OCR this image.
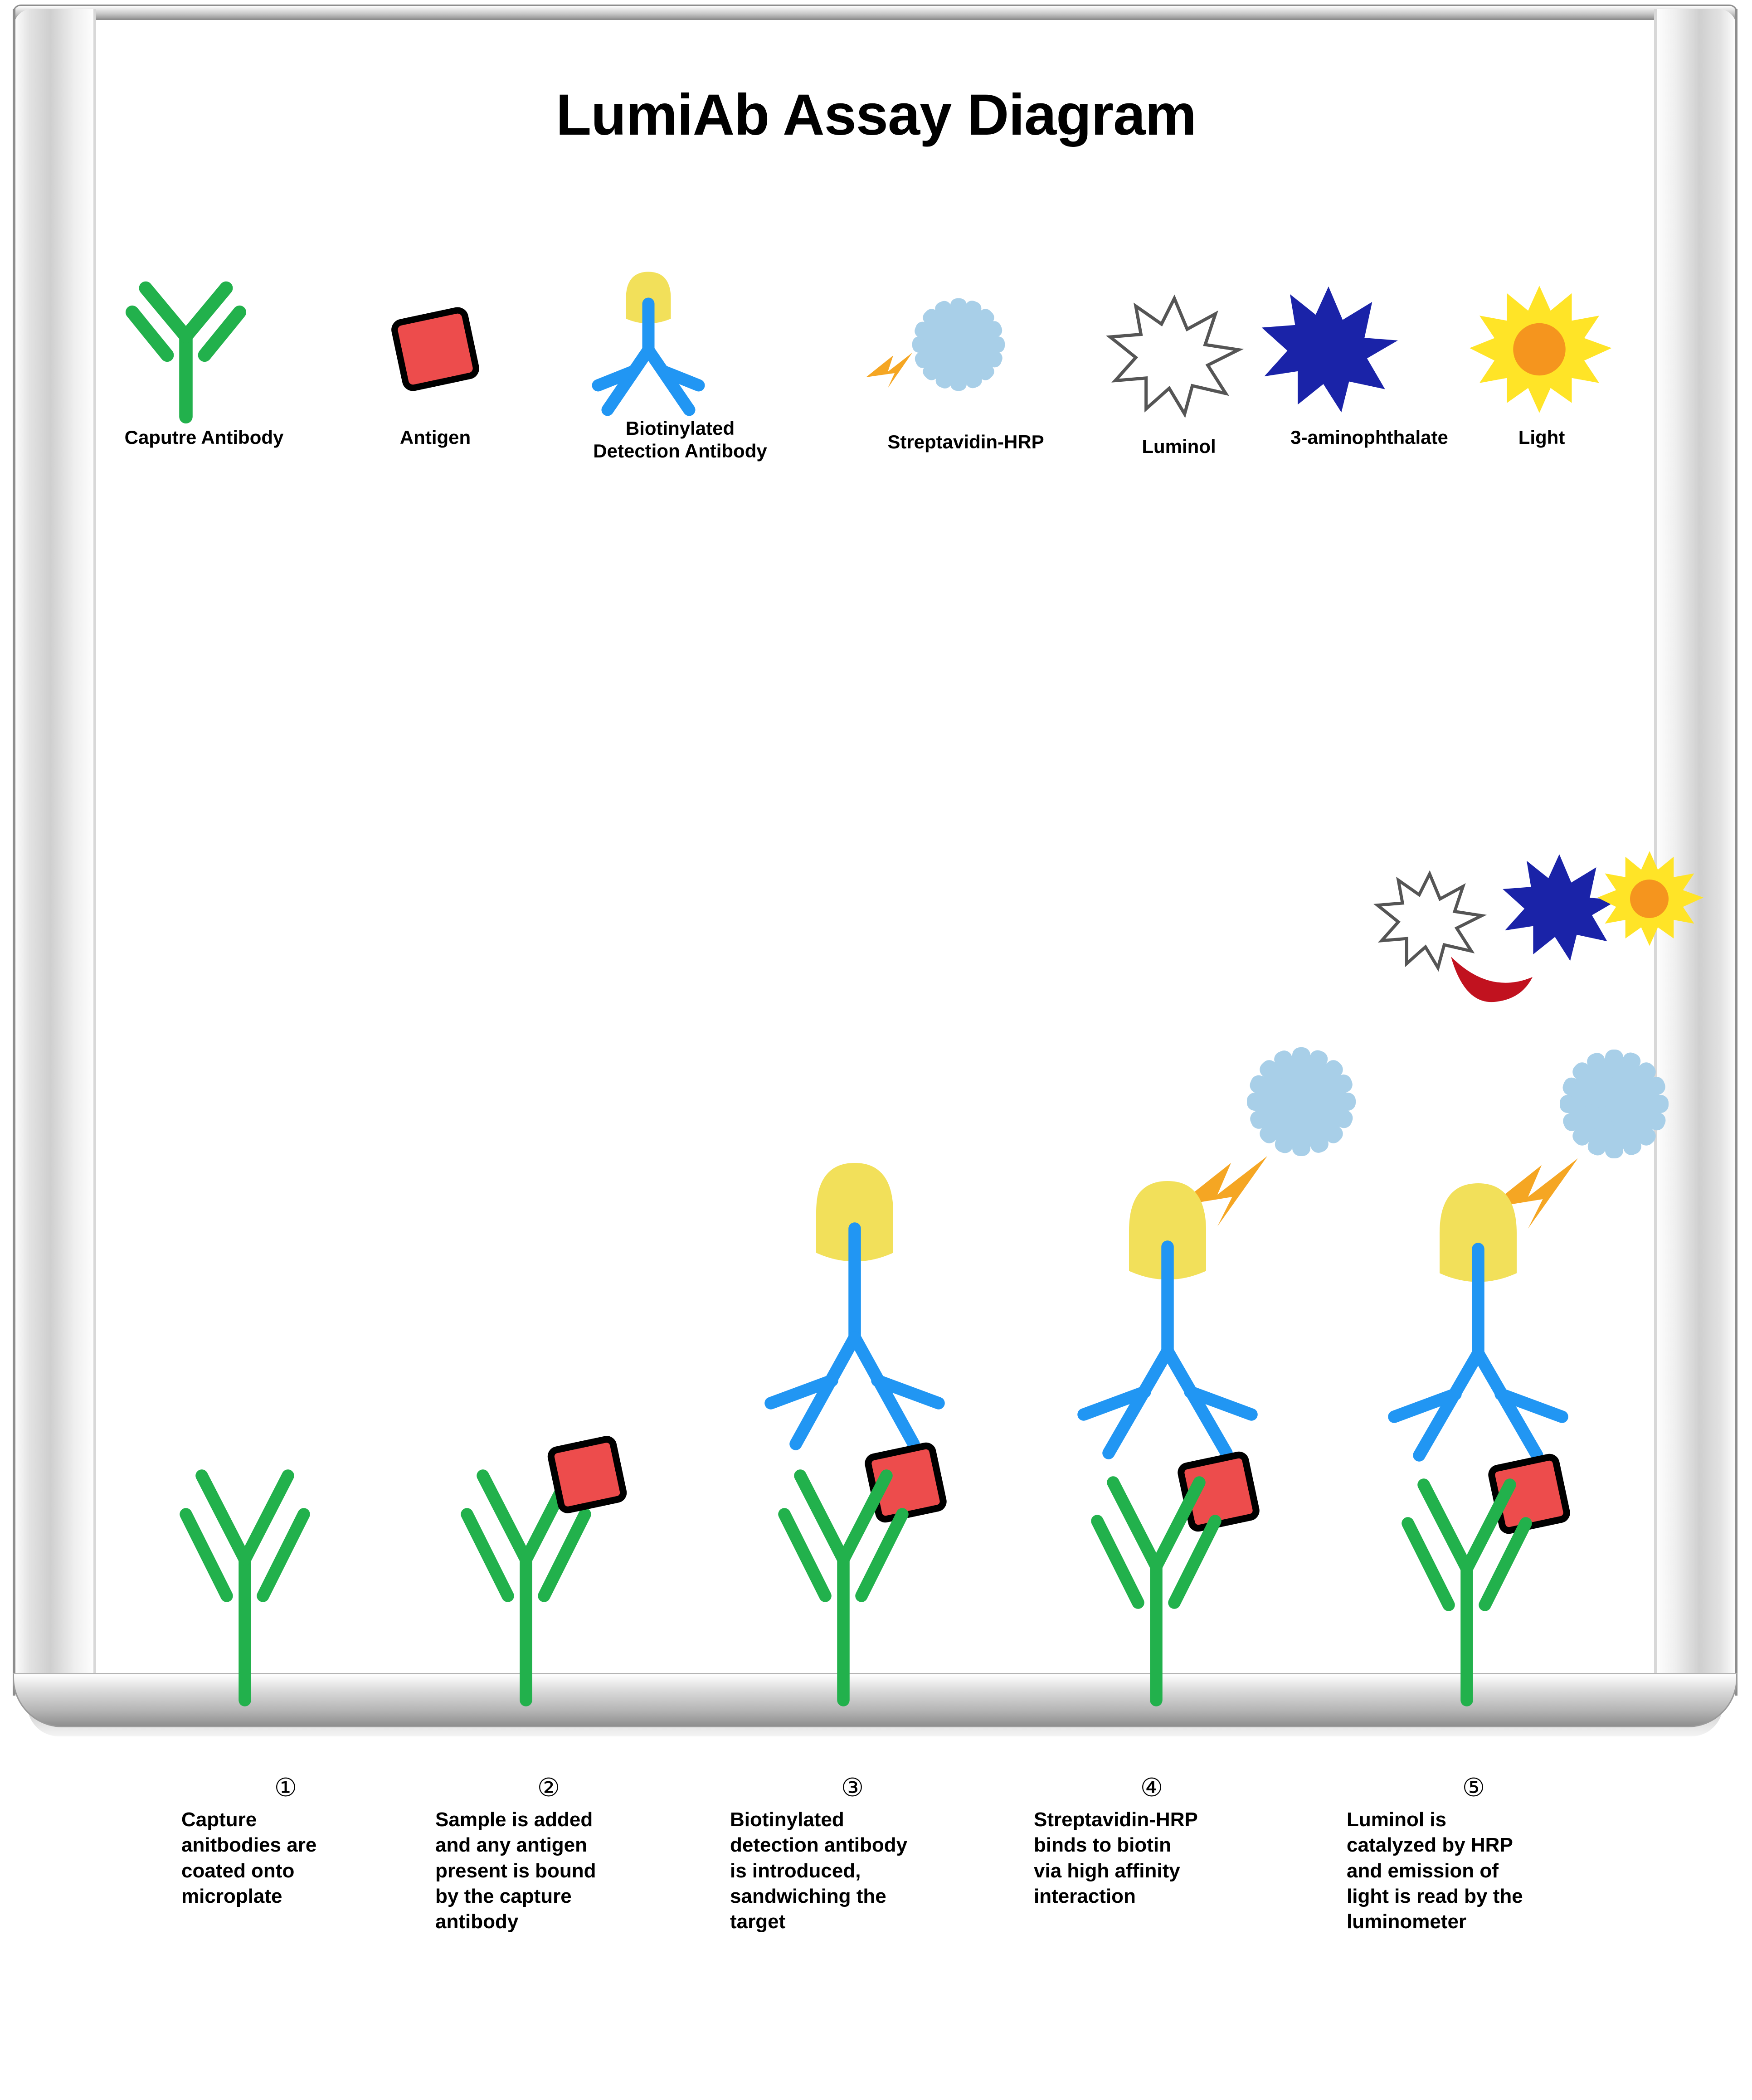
LumiAb Assay Diagram
Caputre Antibody	Antigen	Biotinylated
Detection Antibody	Streptavidin-HRP	Luminol	3-aminophthalate	Light
①
Capture
anitbodies are
coated onto
microplate
②
Sample is added
and any antigen
present is bound
by the capture
antibody
③
Biotinylated
detection antibody
is introduced,
sandwiching the
target
④
Streptavidin-HRP
binds to biotin
via high affinity
interaction
⑤
Luminol is
catalyzed by HRP
and emission of
light is read by the
luminometer
